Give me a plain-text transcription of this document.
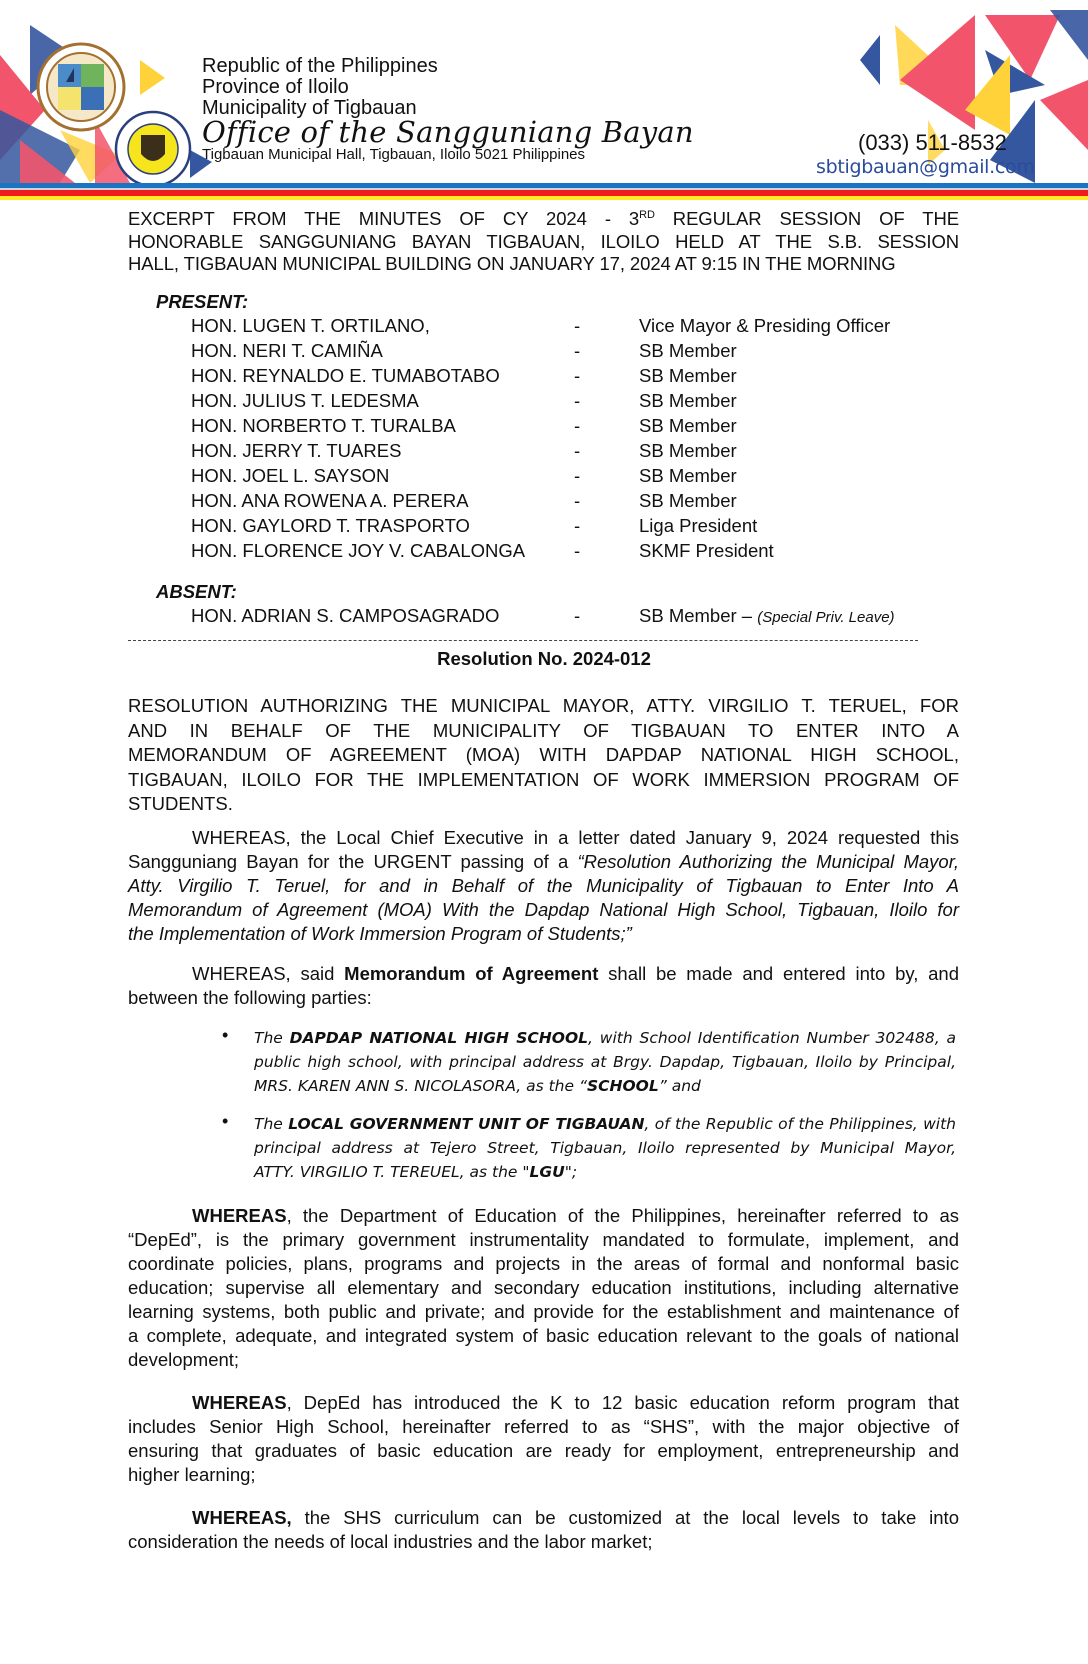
Republic of the Philippines
Province of Iloilo
Municipality of Tigbauan
Office of the Sangguniang Bayan
Tigbauan Municipal Hall, Tigbauan, Iloilo 5021 Philippines	(033) 511-8532
sbtigbauan@gmail.com
EXCERPT FROM THE MINUTES OF CY 2024 - 3RD REGULAR SESSION OF THE
HONORABLE SANGGUNIANG BAYAN TIGBAUAN, ILOILO HELD AT THE S.B. SESSION
HALL, TIGBAUAN MUNICIPAL BUILDING ON JANUARY 17, 2024 AT 9:15 IN THE MORNING
PRESENT:
HON. LUGEN T. ORTILANO,	-	Vice Mayor & Presiding Officer
HON. NERI T. CAMIÑA	-	SB Member
HON. REYNALDO E. TUMABOTABO	-	SB Member
HON. JULIUS T. LEDESMA	-	SB Member
HON. NORBERTO T. TURALBA	-	SB Member
HON. JERRY T. TUARES	-	SB Member
HON. JOEL L. SAYSON	-	SB Member
HON. ANA ROWENA A. PERERA	-	SB Member
HON. GAYLORD T. TRASPORTO	-	Liga President
HON. FLORENCE JOY V. CABALONGA	-	SKMF President
ABSENT:
HON. ADRIAN S. CAMPOSAGRADO	-	SB Member – (Special Priv. Leave)
Resolution No. 2024-012
RESOLUTION AUTHORIZING THE MUNICIPAL MAYOR, ATTY. VIRGILIO T. TERUEL, FOR
AND IN BEHALF OF THE MUNICIPALITY OF TIGBAUAN TO ENTER INTO A
MEMORANDUM OF AGREEMENT (MOA) WITH DAPDAP NATIONAL HIGH SCHOOL,
TIGBAUAN, ILOILO FOR THE IMPLEMENTATION OF WORK IMMERSION PROGRAM OF
STUDENTS.
WHEREAS, the Local Chief Executive in a letter dated January 9, 2024 requested this
Sangguniang Bayan for the URGENT passing of a “Resolution Authorizing the Municipal Mayor,
Atty. Virgilio T. Teruel, for and in Behalf of the Municipality of Tigbauan to Enter Into A
Memorandum of Agreement (MOA) With the Dapdap National High School, Tigbauan, Iloilo for
the Implementation of Work Immersion Program of Students;”
WHEREAS, said Memorandum of Agreement shall be made and entered into by, and
between the following parties:
• The DAPDAP NATIONAL HIGH SCHOOL, with School Identification Number 302488, a
public high school, with principal address at Brgy. Dapdap, Tigbauan, Iloilo by Principal,
MRS. KAREN ANN S. NICOLASORA, as the “SCHOOL” and
• The LOCAL GOVERNMENT UNIT OF TIGBAUAN, of the Republic of the Philippines, with
principal address at Tejero Street, Tigbauan, Iloilo represented by Municipal Mayor,
ATTY. VIRGILIO T. TEREUEL, as the "LGU";
WHEREAS, the Department of Education of the Philippines, hereinafter referred to as
“DepEd”, is the primary government instrumentality mandated to formulate, implement, and
coordinate policies, plans, programs and projects in the areas of formal and nonformal basic
education; supervise all elementary and secondary education institutions, including alternative
learning systems, both public and private; and provide for the establishment and maintenance of
a complete, adequate, and integrated system of basic education relevant to the goals of national
development;
WHEREAS, DepEd has introduced the K to 12 basic education reform program that
includes Senior High School, hereinafter referred to as “SHS”, with the major objective of
ensuring that graduates of basic education are ready for employment, entrepreneurship and
higher learning;
WHEREAS, the SHS curriculum can be customized at the local levels to take into
consideration the needs of local industries and the labor market;
